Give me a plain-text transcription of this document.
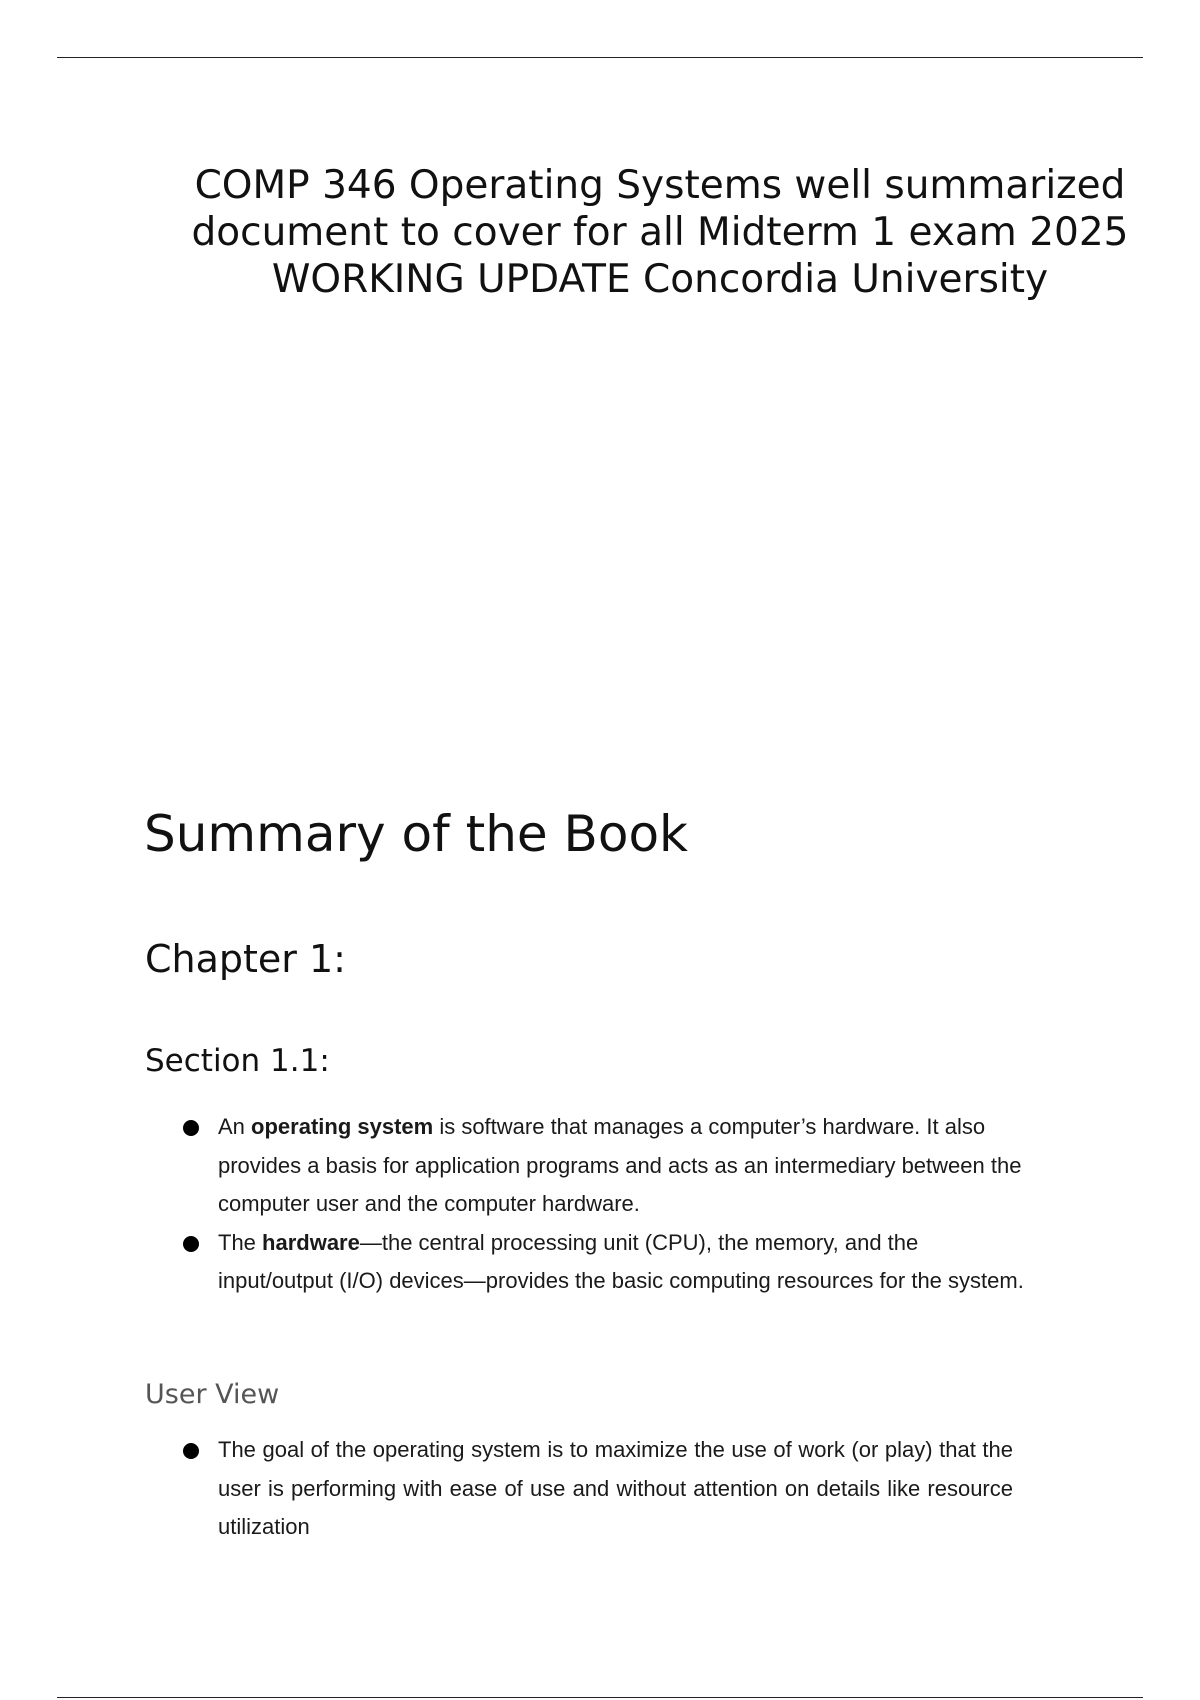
COMP 346 Operating Systems well summarized
document to cover for all Midterm 1 exam 2025
WORKING UPDATE Concordia University
Summary of the Book
Chapter 1:
Section 1.1:
An operating system is software that manages a computer’s hardware. It also provides a basis for application programs and acts as an intermediary between the computer user and the computer hardware.
The hardware—the central processing unit (CPU), the memory, and the input/output (I/O) devices—provides the basic computing resources for the system.
User View
The goal of the operating system is to maximize the use of work (or play) that the user is performing with ease of use and without attention on details like resource utilization
